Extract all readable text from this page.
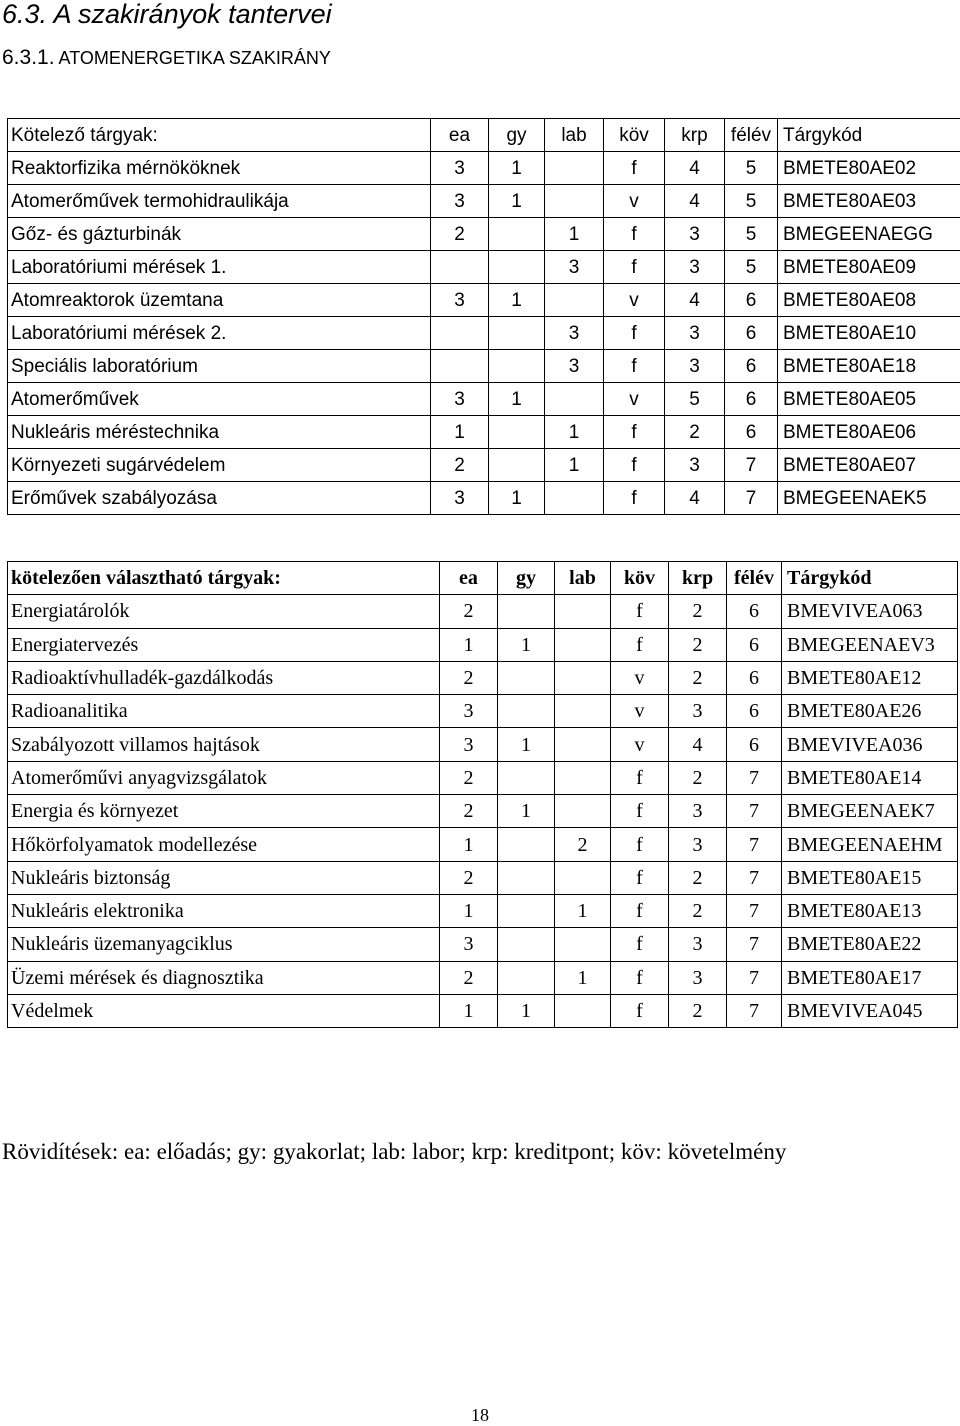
6.3. A szakirányok tantervei
6.3.1. ATOMENERGETIKA SZAKIRÁNY
Kötelező tárgyak:	ea	gy	lab	köv	krp	félév	Tárgykód
Reaktorfizika mérnököknek	3	1		f	4	5	BMETE80AE02
Atomerőművek termohidraulikája	3	1		v	4	5	BMETE80AE03
Gőz- és gázturbinák	2		1	f	3	5	BMEGEENAEGG
Laboratóriumi mérések 1.			3	f	3	5	BMETE80AE09
Atomreaktorok üzemtana	3	1		v	4	6	BMETE80AE08
Laboratóriumi mérések 2.			3	f	3	6	BMETE80AE10
Speciális laboratórium			3	f	3	6	BMETE80AE18
Atomerőművek	3	1		v	5	6	BMETE80AE05
Nukleáris méréstechnika	1		1	f	2	6	BMETE80AE06
Környezeti sugárvédelem	2		1	f	3	7	BMETE80AE07
Erőművek szabályozása	3	1		f	4	7	BMEGEENAEK5
kötelezően választható tárgyak:	ea	gy	lab	köv	krp	félév	Tárgykód
Energiatárolók	2			f	2	6	BMEVIVEA063
Energiatervezés	1	1		f	2	6	BMEGEENAEV3
Radioaktívhulladék-gazdálkodás	2			v	2	6	BMETE80AE12
Radioanalitika	3			v	3	6	BMETE80AE26
Szabályozott villamos hajtások	3	1		v	4	6	BMEVIVEA036
Atomerőművi anyagvizsgálatok	2			f	2	7	BMETE80AE14
Energia és környezet	2	1		f	3	7	BMEGEENAEK7
Hőkörfolyamatok modellezése	1		2	f	3	7	BMEGEENAEHM
Nukleáris biztonság	2			f	2	7	BMETE80AE15
Nukleáris elektronika	1		1	f	2	7	BMETE80AE13
Nukleáris üzemanyagciklus	3			f	3	7	BMETE80AE22
Üzemi mérések és diagnosztika	2		1	f	3	7	BMETE80AE17
Védelmek	1	1		f	2	7	BMEVIVEA045
Rövidítések: ea: előadás; gy: gyakorlat; lab: labor; krp: kreditpont; köv: követelmény
18
